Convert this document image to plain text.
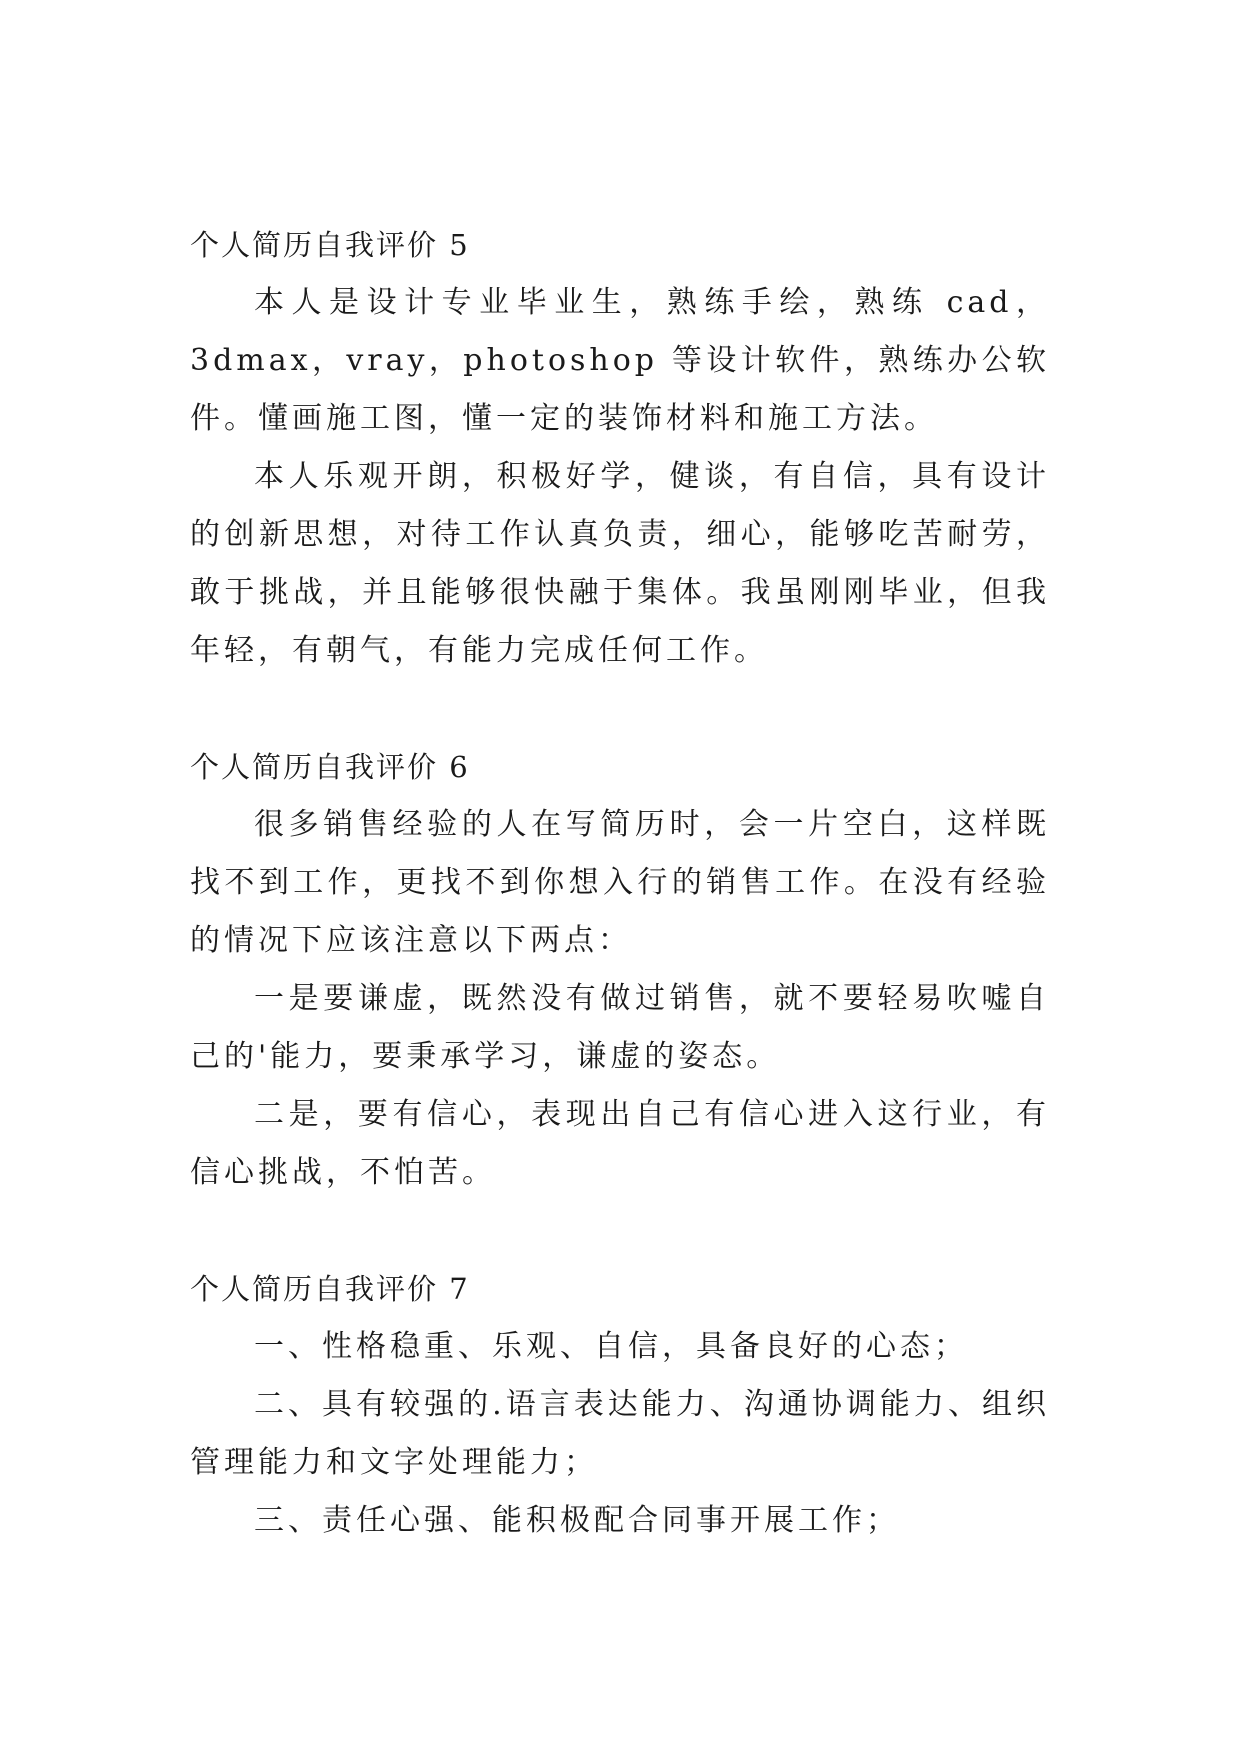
个人简历自我评价 5

本人是设计专业毕业生，熟练手绘，熟练 cad，3dmax，vray，photoshop 等设计软件，熟练办公软件。懂画施工图，懂一定的装饰材料和施工方法。

本人乐观开朗，积极好学，健谈，有自信，具有设计的创新思想，对待工作认真负责，细心，能够吃苦耐劳，敢于挑战，并且能够很快融于集体。我虽刚刚毕业，但我年轻，有朝气，有能力完成任何工作。

个人简历自我评价 6

很多销售经验的人在写简历时，会一片空白，这样既找不到工作，更找不到你想入行的销售工作。在没有经验的情况下应该注意以下两点：

一是要谦虚，既然没有做过销售，就不要轻易吹嘘自己的'能力，要秉承学习，谦虚的姿态。

二是，要有信心，表现出自己有信心进入这行业，有信心挑战，不怕苦。

个人简历自我评价 7

一、性格稳重、乐观、自信，具备良好的心态；

二、具有较强的.语言表达能力、沟通协调能力、组织管理能力和文字处理能力；

三、责任心强、能积极配合同事开展工作；
